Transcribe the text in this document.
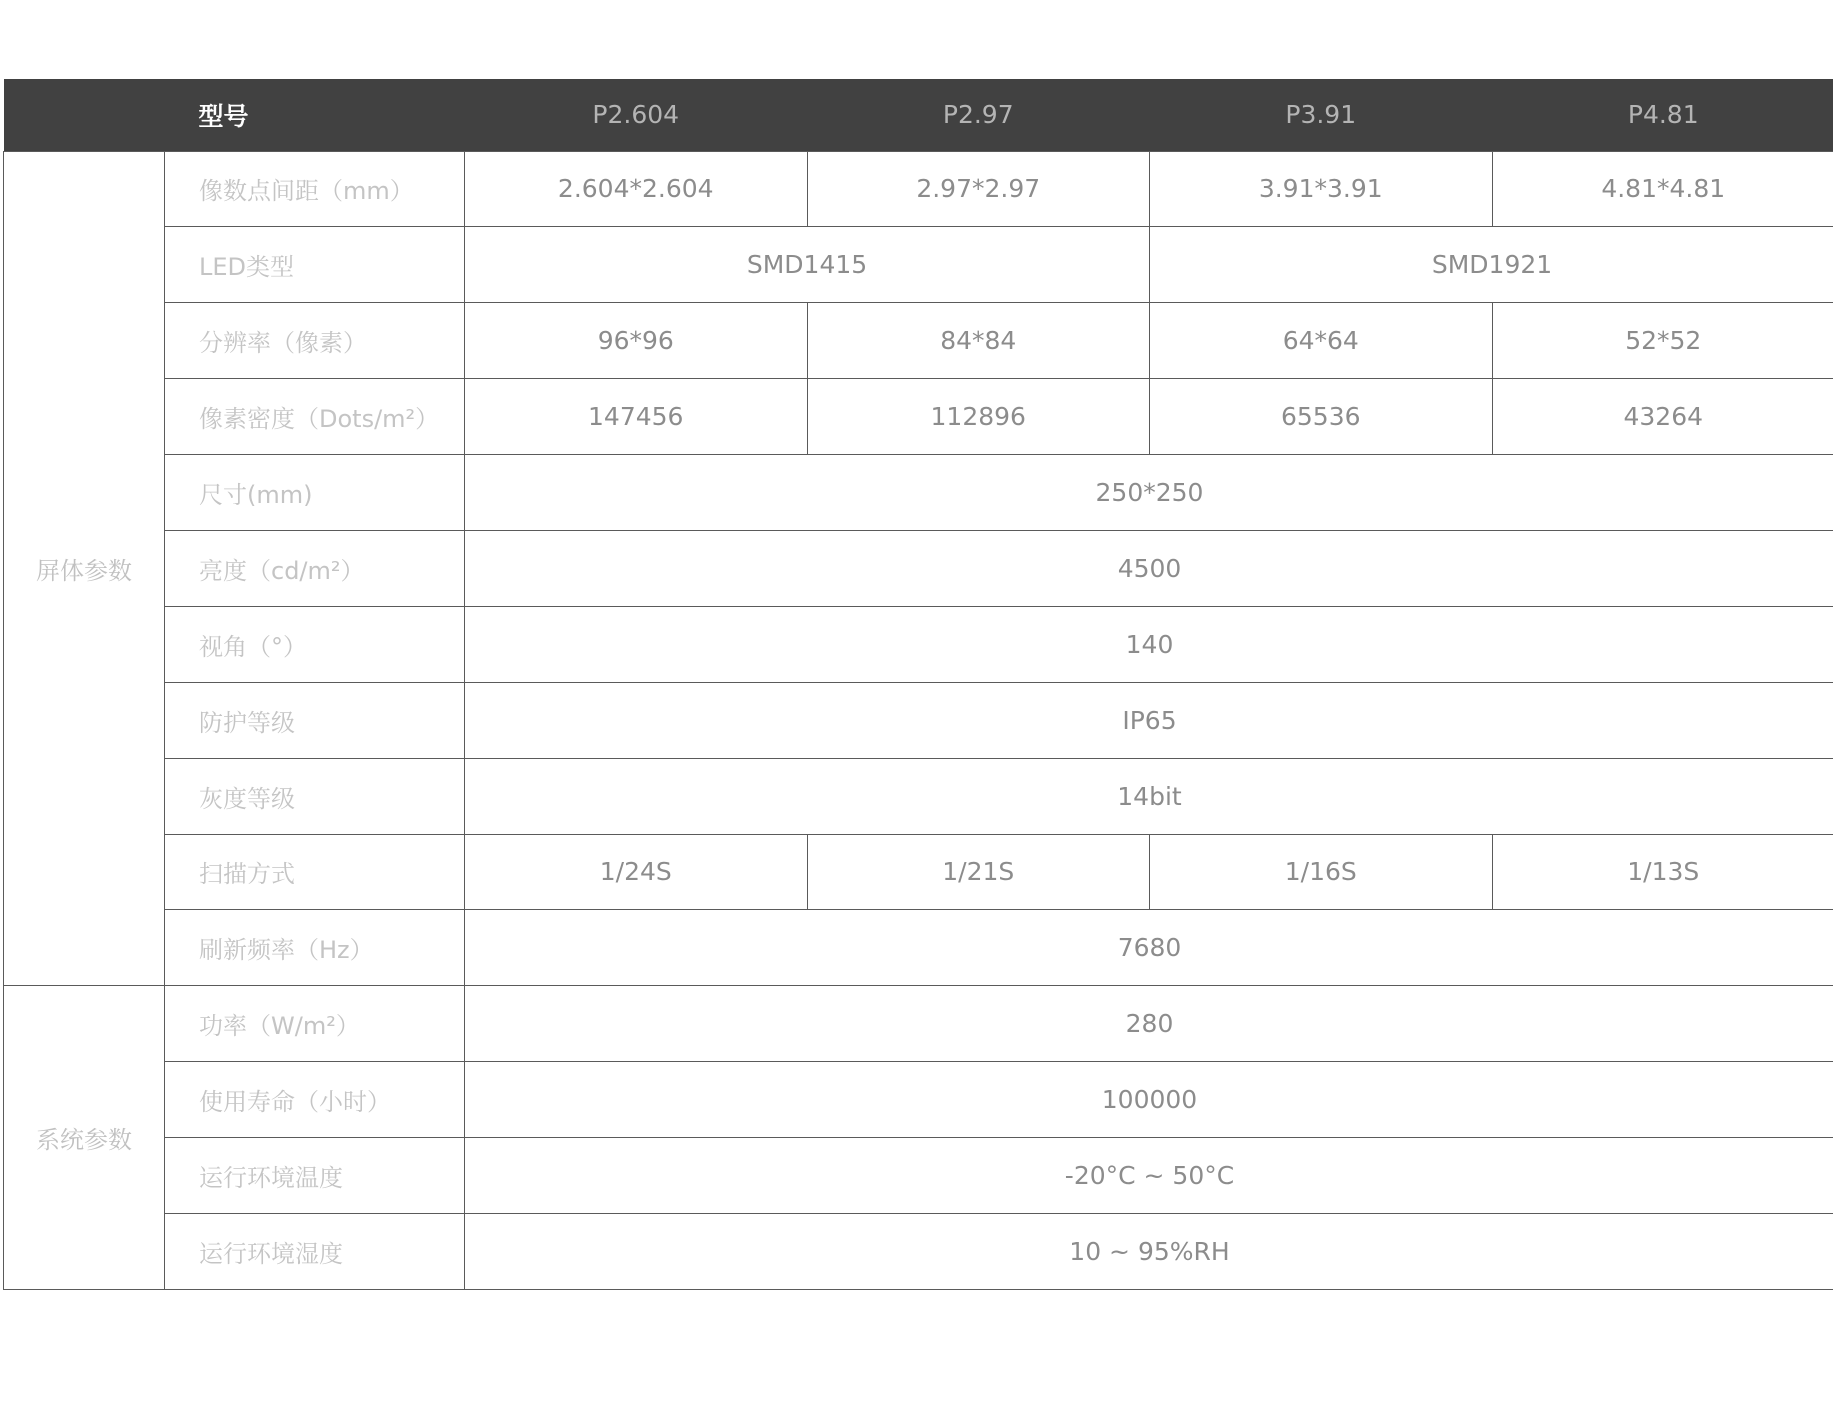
	型号	P2.604	P2.97	P3.91	P4.81
屏体参数	像数点间距（mm）	2.604*2.604	2.97*2.97	3.91*3.91	4.81*4.81
	LED类型	SMD1415		SMD1921	
	分辨率（像素）	96*96	84*84	64*64	52*52
	像素密度（Dots/m²）	147456	112896	65536	43264
	尺寸(mm)	250*250			
	亮度（cd/m²）	4500			
	视角（°）	140			
	防护等级	IP65			
	灰度等级	14bit			
	扫描方式	1/24S	1/21S	1/16S	1/13S
	刷新频率（Hz）	7680			
系统参数	功率（W/m²）	280			
	使用寿命（小时）	100000			
	运行环境温度	-20°C ~ 50°C			
	运行环境湿度	10 ~ 95%RH			
